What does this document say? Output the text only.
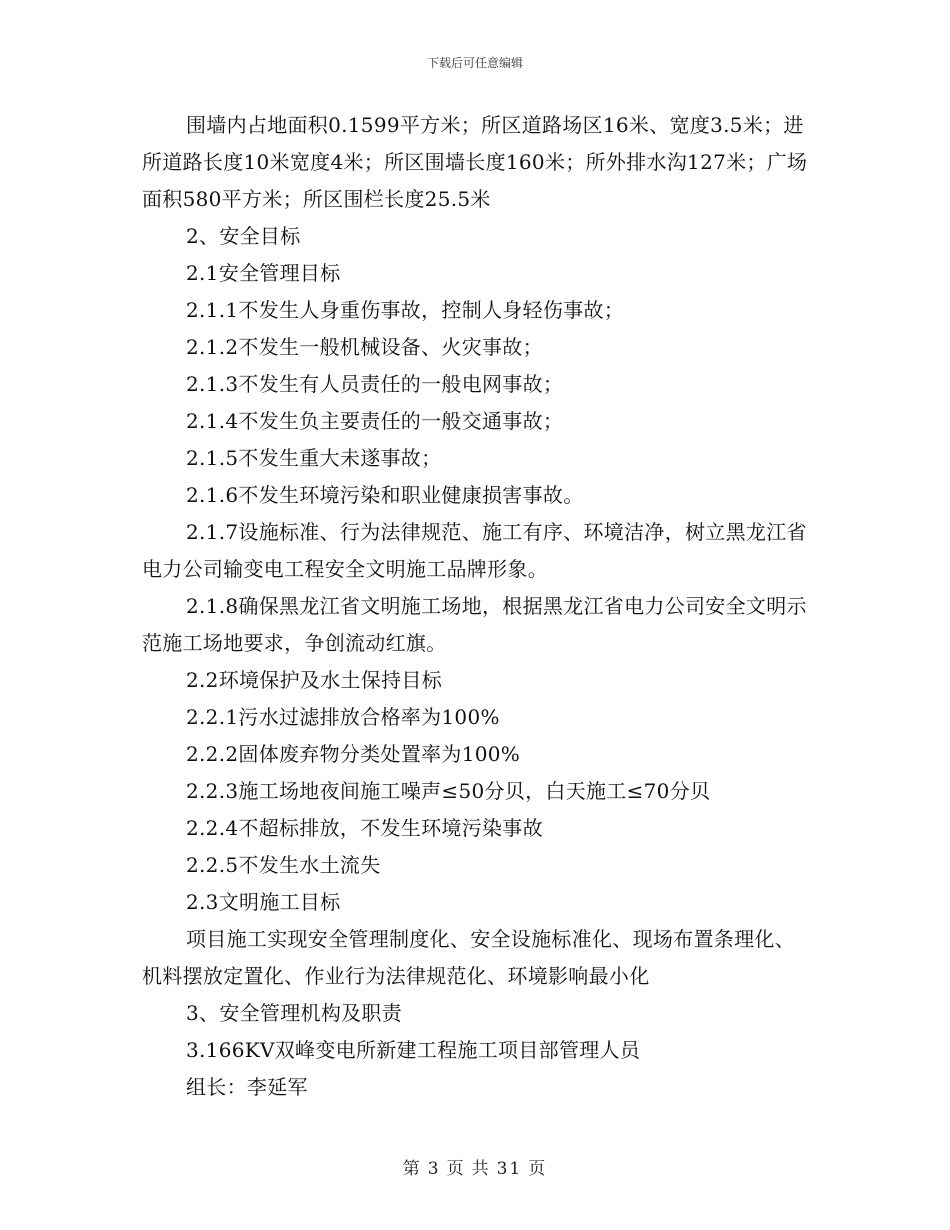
下载后可任意编辑

围墙内占地面积0.1599平方米；所区道路场区16米、宽度3.5米；进所道路长度10米宽度4米；所区围墙长度160米；所外排水沟127米；广场面积580平方米；所区围栏长度25.5米

2、安全目标

2.1安全管理目标

2.1.1不发生人身重伤事故，控制人身轻伤事故；

2.1.2不发生一般机械设备、火灾事故；

2.1.3不发生有人员责任的一般电网事故；

2.1.4不发生负主要责任的一般交通事故；

2.1.5不发生重大未遂事故；

2.1.6不发生环境污染和职业健康损害事故。

2.1.7设施标准、行为法律规范、施工有序、环境洁净，树立黑龙江省电力公司输变电工程安全文明施工品牌形象。

2.1.8确保黑龙江省文明施工场地，根据黑龙江省电力公司安全文明示范施工场地要求，争创流动红旗。

2.2环境保护及水土保持目标

2.2.1污水过滤排放合格率为100%

2.2.2固体废弃物分类处置率为100%

2.2.3施工场地夜间施工噪声≤50分贝，白天施工≤70分贝

2.2.4不超标排放，不发生环境污染事故

2.2.5不发生水土流失

2.3文明施工目标

项目施工实现安全管理制度化、安全设施标准化、现场布置条理化、机料摆放定置化、作业行为法律规范化、环境影响最小化

3、安全管理机构及职责

3.166KV双峰变电所新建工程施工项目部管理人员

组长：李延军

第 3 页 共 31 页
